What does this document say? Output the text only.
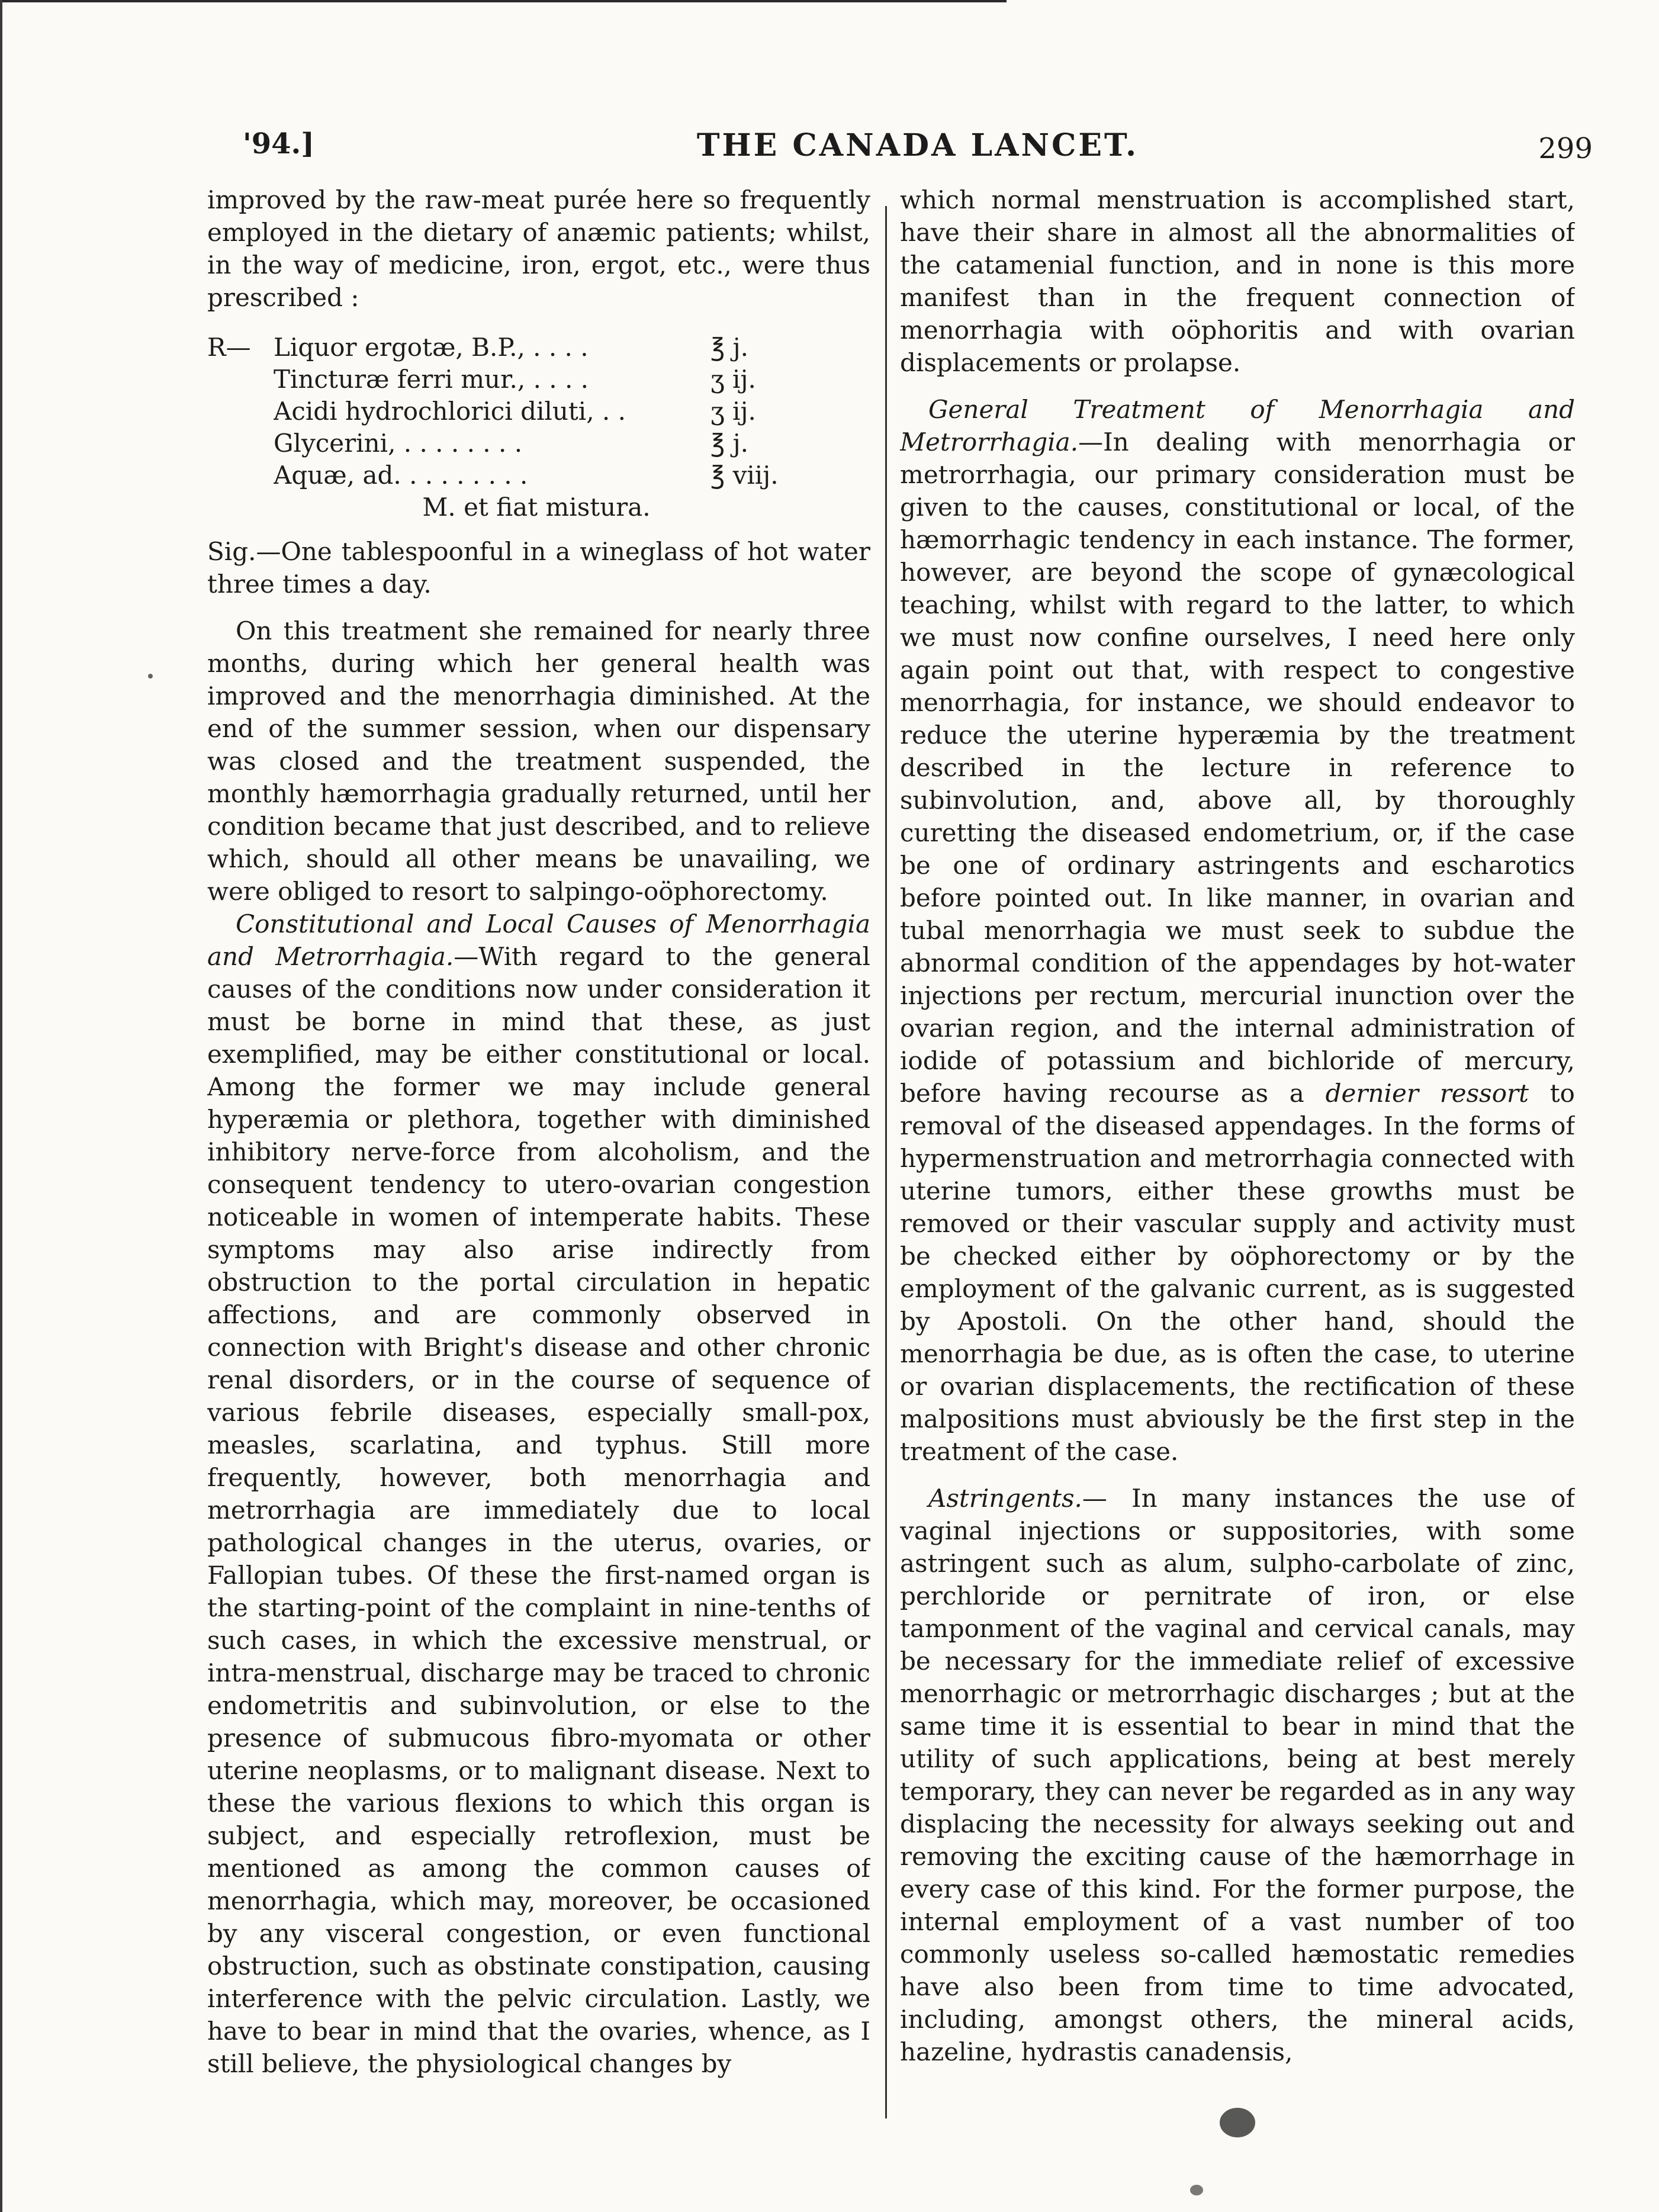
'94.]	THE CANADA LANCET.	299

improved by the raw-meat purée here so frequently employed in the dietary of anæmic patients; whilst, in the way of medicine, iron, ergot, etc., were thus prescribed :

R— Liquor ergotæ, B.P., . . . .	℥ j.
Tincturæ ferri mur., . . . .	ʒ ij.
Acidi hydrochlorici diluti, . .	ʒ ij.
Glycerini, . . . . . . . .	℥ j.
Aquæ, ad. . . . . . . . .	℥ viij.
M. et fiat mistura.

Sig.—One tablespoonful in a wineglass of hot water three times a day.

On this treatment she remained for nearly three months, during which her general health was improved and the menorrhagia diminished. At the end of the summer session, when our dispensary was closed and the treatment suspended, the monthly hæmorrhagia gradually returned, until her condition became that just described, and to relieve which, should all other means be unavailing, we were obliged to resort to salpingo-oöphorectomy.

Constitutional and Local Causes of Menorrhagia and Metrorrhagia.—With regard to the general causes of the conditions now under consideration it must be borne in mind that these, as just exemplified, may be either constitutional or local. Among the former we may include general hyperæmia or plethora, together with diminished inhibitory nerve-force from alcoholism, and the consequent tendency to utero-ovarian congestion noticeable in women of intemperate habits. These symptoms may also arise indirectly from obstruction to the portal circulation in hepatic affections, and are commonly observed in connection with Bright's disease and other chronic renal disorders, or in the course of sequence of various febrile diseases, especially small-pox, measles, scarlatina, and typhus. Still more frequently, however, both menorrhagia and metrorrhagia are immediately due to local pathological changes in the uterus, ovaries, or Fallopian tubes. Of these the first-named organ is the starting-point of the complaint in nine-tenths of such cases, in which the excessive menstrual, or intra-menstrual, discharge may be traced to chronic endometritis and subinvolution, or else to the presence of submucous fibro-myomata or other uterine neoplasms, or to malignant disease. Next to these the various flexions to which this organ is subject, and especially retroflexion, must be mentioned as among the common causes of menorrhagia, which may, moreover, be occasioned by any visceral congestion, or even functional obstruction, such as obstinate constipation, causing interference with the pelvic circulation. Lastly, we have to bear in mind that the ovaries, whence, as I still believe, the physiological changes by

which normal menstruation is accomplished start, have their share in almost all the abnormalities of the catamenial function, and in none is this more manifest than in the frequent connection of menorrhagia with oöphoritis and with ovarian displacements or prolapse.

General Treatment of Menorrhagia and Metrorrhagia.—In dealing with menorrhagia or metrorrhagia, our primary consideration must be given to the causes, constitutional or local, of the hæmorrhagic tendency in each instance. The former, however, are beyond the scope of gynæcological teaching, whilst with regard to the latter, to which we must now confine ourselves, I need here only again point out that, with respect to congestive menorrhagia, for instance, we should endeavor to reduce the uterine hyperæmia by the treatment described in the lecture in reference to subinvolution, and, above all, by thoroughly curetting the diseased endometrium, or, if the case be one of ordinary astringents and escharotics before pointed out. In like manner, in ovarian and tubal menorrhagia we must seek to subdue the abnormal condition of the appendages by hot-water injections per rectum, mercurial inunction over the ovarian region, and the internal administration of iodide of potassium and bichloride of mercury, before having recourse as a dernier ressort to removal of the diseased appendages. In the forms of hypermenstruation and metrorrhagia connected with uterine tumors, either these growths must be removed or their vascular supply and activity must be checked either by oöphorectomy or by the employment of the galvanic current, as is suggested by Apostoli. On the other hand, should the menorrhagia be due, as is often the case, to uterine or ovarian displacements, the rectification of these malpositions must abviously be the first step in the treatment of the case.

Astringents.— In many instances the use of vaginal injections or suppositories, with some astringent such as alum, sulpho-carbolate of zinc, perchloride or pernitrate of iron, or else tamponment of the vaginal and cervical canals, may be necessary for the immediate relief of excessive menorrhagic or metrorrhagic discharges ; but at the same time it is essential to bear in mind that the utility of such applications, being at best merely temporary, they can never be regarded as in any way displacing the necessity for always seeking out and removing the exciting cause of the hæmorrhage in every case of this kind. For the former purpose, the internal employment of a vast number of too commonly useless so-called hæmostatic remedies have also been from time to time advocated, including, amongst others, the mineral acids, hazeline, hydrastis canadensis,
